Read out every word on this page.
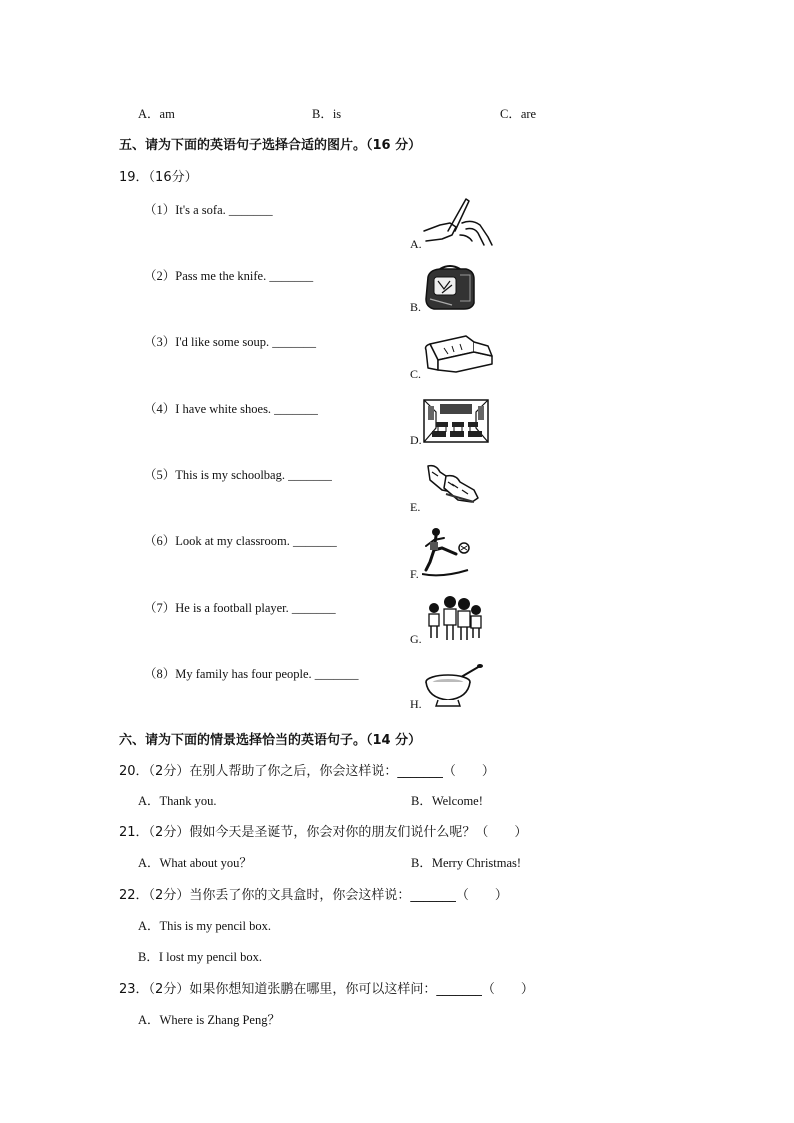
A．am	B．is	C．are
五、请为下面的英语句子选择合适的图片。（16 分）
19．（16分）
（1）It's a sofa. _______
（2）Pass me the knife. _______
（3）I'd like some soup. _______
（4）I have white shoes. _______
（5）This is my schoolbag. _______
（6）Look at my classroom. _______
（7）He is a football player. _______
（8）My family has four people. _______
A.
B.
C.
D.
E.
F.
G.
H.
六、请为下面的情景选择恰当的英语句子。（14 分）
20．（2分）在别人帮助了你之后，你会这样说：_______（　　）
A．Thank you.	B．Welcome!
21．（2分）假如今天是圣诞节，你会对你的朋友们说什么呢？（　　）
A．What about you？	B．Merry Christmas!
22．（2分）当你丢了你的文具盒时，你会这样说：_______（　　）
A．This is my pencil box.
B．I lost my pencil box.
23．（2分）如果你想知道张鹏在哪里，你可以这样问：_______（　　）
A．Where is Zhang Peng？
